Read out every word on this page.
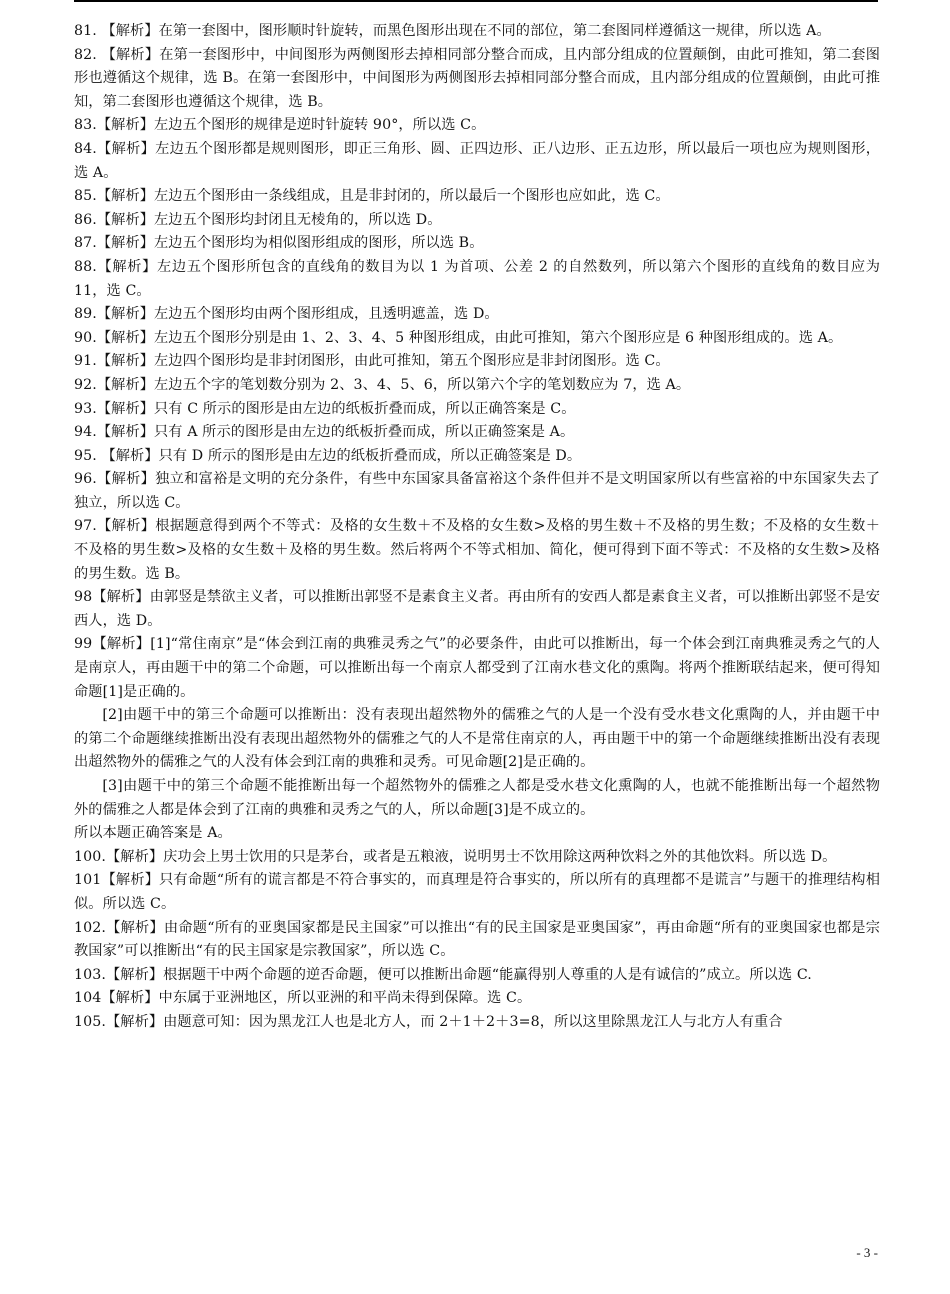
81. 【解析】在第一套图中，图形顺时针旋转，而黑色图形出现在不同的部位，第二套图同样遵循这一规律，所以选 A。

82. 【解析】在第一套图形中，中间图形为两侧图形去掉相同部分整合而成，且内部分组成的位置颠倒，由此可推知，第二套图形也遵循这个规律，选 B。在第一套图形中，中间图形为两侧图形去掉相同部分整合而成，且内部分组成的位置颠倒，由此可推知，第二套图形也遵循这个规律，选 B。

83.【解析】左边五个图形的规律是逆时针旋转 90°，所以选 C。

84.【解析】左边五个图形都是规则图形，即正三角形、圆、正四边形、正八边形、正五边形，所以最后一项也应为规则图形，选 A。

85.【解析】左边五个图形由一条线组成，且是非封闭的，所以最后一个图形也应如此，选 C。

86.【解析】左边五个图形均封闭且无棱角的，所以选 D。

87.【解析】左边五个图形均为相似图形组成的图形，所以选 B。

88.【解析】左边五个图形所包含的直线角的数目为以 1 为首项、公差 2 的自然数列，所以第六个图形的直线角的数目应为 11，选 C。

89.【解析】左边五个图形均由两个图形组成，且透明遮盖，选 D。

90.【解析】左边五个图形分别是由 1、2、3、4、5 种图形组成，由此可推知，第六个图形应是 6 种图形组成的。选 A。

91.【解析】左边四个图形均是非封闭图形，由此可推知，第五个图形应是非封闭图形。选 C。

92.【解析】左边五个字的笔划数分别为 2、3、4、5、6，所以第六个字的笔划数应为 7，选 A。

93.【解析】只有 C 所示的图形是由左边的纸板折叠而成，所以正确答案是 C。

94.【解析】只有 A 所示的图形是由左边的纸板折叠而成，所以正确签案是 A。

95. 【解析】只有 D 所示的图形是由左边的纸板折叠而成，所以正确签案是 D。

96.【解析】独立和富裕是文明的充分条件，有些中东国家具备富裕这个条件但并不是文明国家所以有些富裕的中东国家失去了独立，所以选 C。

97.【解析】根据题意得到两个不等式：及格的女生数＋不及格的女生数>及格的男生数＋不及格的男生数；不及格的女生数＋不及格的男生数>及格的女生数＋及格的男生数。然后将两个不等式相加、简化，便可得到下面不等式：不及格的女生数>及格的男生数。选 B。

98【解析】由郭竖是禁欲主义者，可以推断出郭竖不是素食主义者。再由所有的安西人都是素食主义者，可以推断出郭竖不是安西人，选 D。

99【解析】[1]“常住南京”是“体会到江南的典雅灵秀之气”的必要条件，由此可以推断出，每一个体会到江南典雅灵秀之气的人是南京人，再由题干中的第二个命题，可以推断出每一个南京人都受到了江南水巷文化的熏陶。将两个推断联结起来，便可得知命题[1]是正确的。

[2]由题干中的第三个命题可以推断出：没有表现出超然物外的儒雅之气的人是一个没有受水巷文化熏陶的人，并由题干中的第二个命题继续推断出没有表现出超然物外的儒雅之气的人不是常住南京的人，再由题干中的第一个命题继续推断出没有表现出超然物外的儒雅之气的人没有体会到江南的典雅和灵秀。可见命题[2]是正确的。

[3]由题干中的第三个命题不能推断出每一个超然物外的儒雅之人都是受水巷文化熏陶的人，也就不能推断出每一个超然物外的儒雅之人都是体会到了江南的典雅和灵秀之气的人，所以命题[3]是不成立的。

所以本题正确答案是 A。

100.【解析】庆功会上男士饮用的只是茅台，或者是五粮液，说明男士不饮用除这两种饮料之外的其他饮料。所以选 D。

101【解析】只有命题“所有的谎言都是不符合事实的，而真理是符合事实的，所以所有的真理都不是谎言”与题干的推理结构相似。所以选 C。

102.【解析】由命题“所有的亚奥国家都是民主国家”可以推出“有的民主国家是亚奥国家”，再由命题“所有的亚奥国家也都是宗教国家”可以推断出“有的民主国家是宗教国家”，所以选 C。

103.【解析】根据题干中两个命题的逆否命题，便可以推断出命题“能赢得别人尊重的人是有诚信的”成立。所以选 C.

104【解析】中东属于亚洲地区，所以亚洲的和平尚未得到保障。选 C。

105.【解析】由题意可知：因为黑龙江人也是北方人，而 2＋1＋2＋3=8，所以这里除黑龙江人与北方人有重合

- 3 -
